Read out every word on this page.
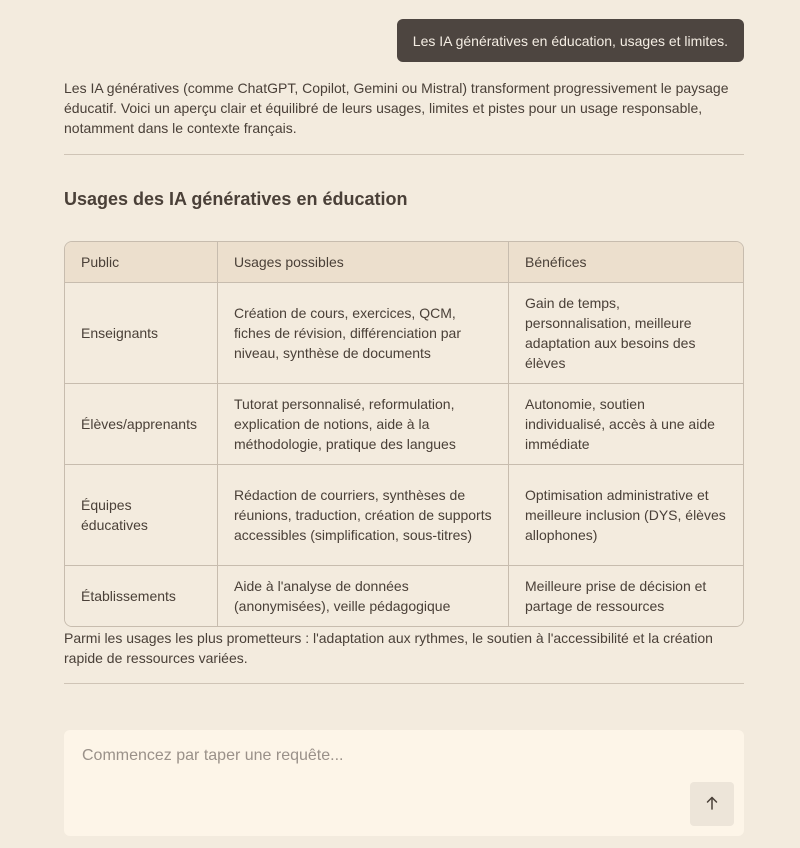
Les IA génératives en éducation, usages et limites.

Les IA génératives (comme ChatGPT, Copilot, Gemini ou Mistral) transforment progressivement le paysage éducatif. Voici un aperçu clair et équilibré de leurs usages, limites et pistes pour un usage responsable, notamment dans le contexte français.

Usages des IA génératives en éducation
Public	Usages possibles	Bénéfices
Enseignants	Création de cours, exercices, QCM, fiches de révision, différenciation par niveau, synthèse de documents	Gain de temps, personnalisation, meilleure adaptation aux besoins des élèves
Élèves/apprenants	Tutorat personnalisé, reformulation, explication de notions, aide à la méthodologie, pratique des langues	Autonomie, soutien individualisé, accès à une aide immédiate
Équipes éducatives	Rédaction de courriers, synthèses de réunions, traduction, création de supports accessibles (simplification, sous-titres)	Optimisation administrative et meilleure inclusion (DYS, élèves allophones)
Établissements	Aide à l'analyse de données (anonymisées), veille pédagogique	Meilleure prise de décision et partage de ressources

Parmi les usages les plus prometteurs : l'adaptation aux rythmes, le soutien à l'accessibilité et la création rapide de ressources variées.

Commencez par taper une requête...
